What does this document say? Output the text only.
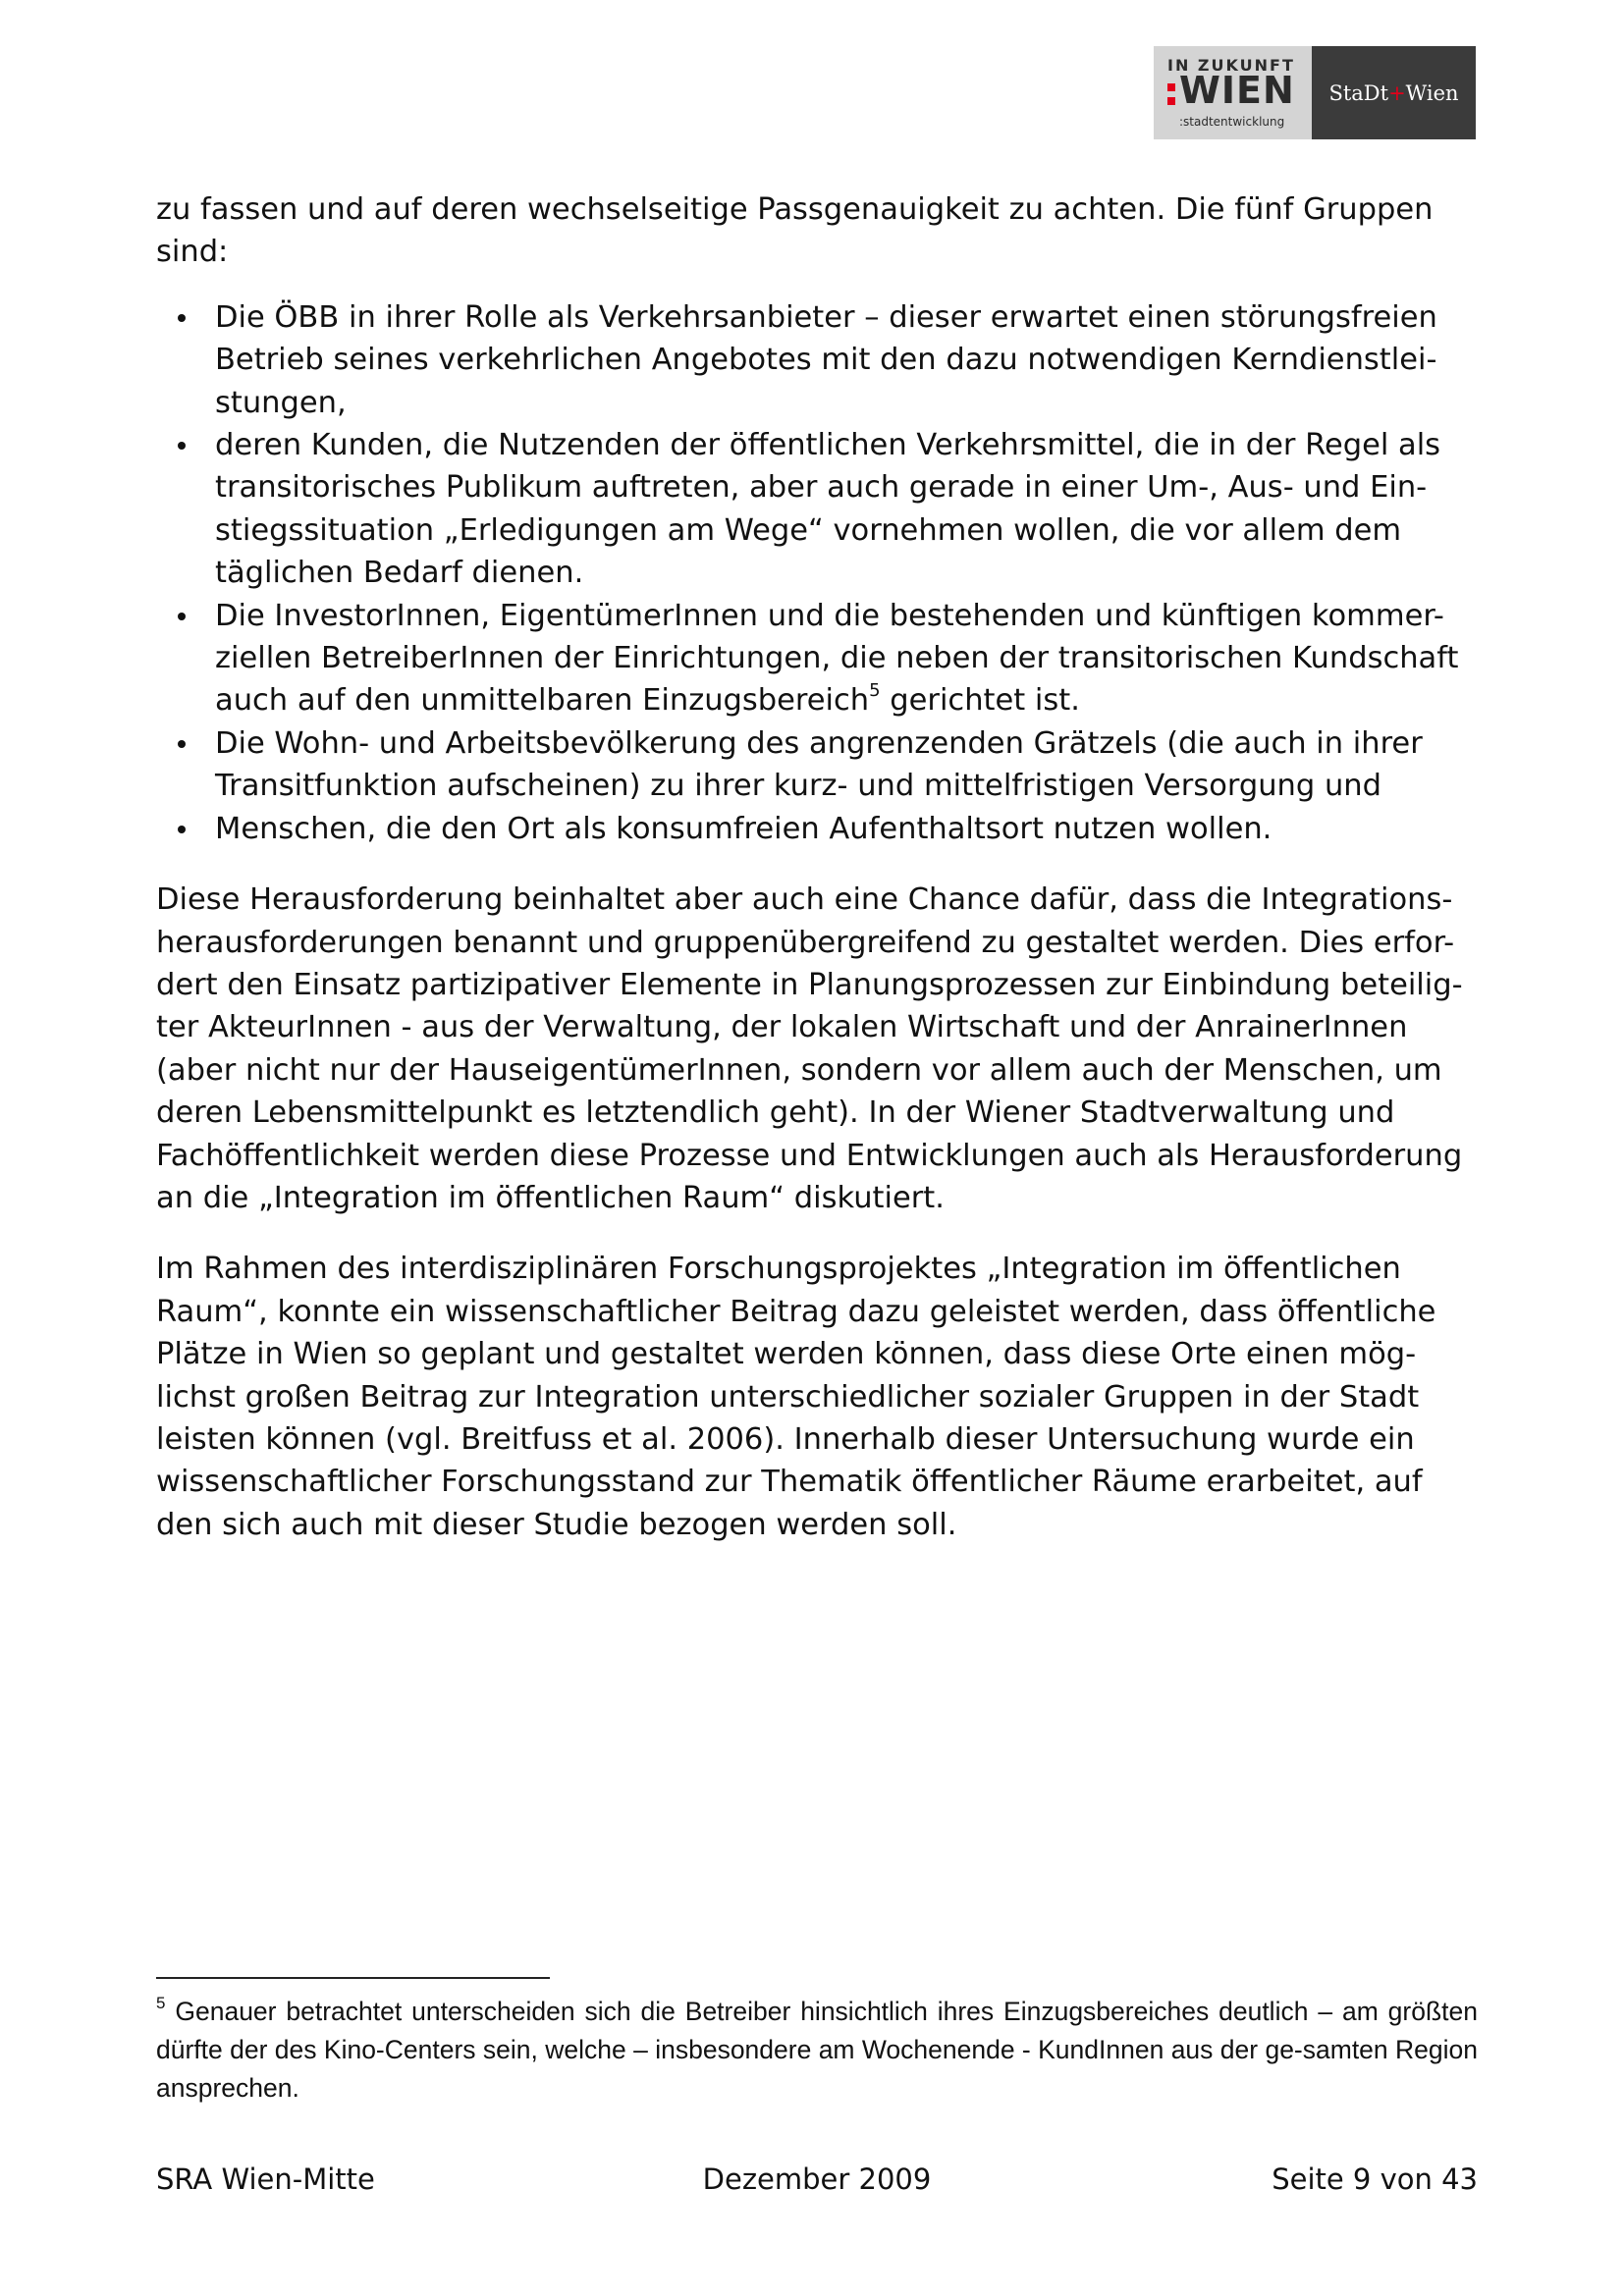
IN ZUKUNFT
WIEN
:stadtentwicklung
StaDt+Wien

zu fassen und auf deren wechselseitige Passgenauigkeit zu achten. Die fünf Gruppen sind:

Die ÖBB in ihrer Rolle als Verkehrsanbieter – dieser erwartet einen störungsfreien Betrieb seines verkehrlichen Angebotes mit den dazu notwendigen Kerndienstlei-stungen,
deren Kunden, die Nutzenden der öffentlichen Verkehrsmittel, die in der Regel als transitorisches Publikum auftreten, aber auch gerade in einer Um-, Aus- und Ein-stiegssituation „Erledigungen am Wege“ vornehmen wollen, die vor allem dem täglichen Bedarf dienen.
Die InvestorInnen, EigentümerInnen und die bestehenden und künftigen kommer-ziellen BetreiberInnen der Einrichtungen, die neben der transitorischen Kundschaft auch auf den unmittelbaren Einzugsbereich$^5$ gerichtet ist.
Die Wohn- und Arbeitsbevölkerung des angrenzenden Grätzels (die auch in ihrer Transitfunktion aufscheinen) zu ihrer kurz- und mittelfristigen Versorgung und
Menschen, die den Ort als konsumfreien Aufenthaltsort nutzen wollen.

Diese Herausforderung beinhaltet aber auch eine Chance dafür, dass die Integrations-herausforderungen benannt und gruppenübergreifend zu gestaltet werden. Dies erfor-dert den Einsatz partizipativer Elemente in Planungsprozessen zur Einbindung beteilig-ter AkteurInnen - aus der Verwaltung, der lokalen Wirtschaft und der AnrainerInnen (aber nicht nur der HauseigentümerInnen, sondern vor allem auch der Menschen, um deren Lebensmittelpunkt es letztendlich geht). In der Wiener Stadtverwaltung und Fachöffentlichkeit werden diese Prozesse und Entwicklungen auch als Herausforderung an die „Integration im öffentlichen Raum“ diskutiert.

Im Rahmen des interdisziplinären Forschungsprojektes „Integration im öffentlichen Raum“, konnte ein wissenschaftlicher Beitrag dazu geleistet werden, dass öffentliche Plätze in Wien so geplant und gestaltet werden können, dass diese Orte einen mög-lichst großen Beitrag zur Integration unterschiedlicher sozialer Gruppen in der Stadt leisten können (vgl. Breitfuss et al. 2006). Innerhalb dieser Untersuchung wurde ein wissenschaftlicher Forschungsstand zur Thematik öffentlicher Räume erarbeitet, auf den sich auch mit dieser Studie bezogen werden soll.

$^5$ Genauer betrachtet unterscheiden sich die Betreiber hinsichtlich ihres Einzugsbereiches deutlich – am größten dürfte der des Kino-Centers sein, welche – insbesondere am Wochenende - KundInnen aus der ge-samten Region ansprechen.
SRA Wien-Mitte	Dezember 2009	Seite 9 von 43
